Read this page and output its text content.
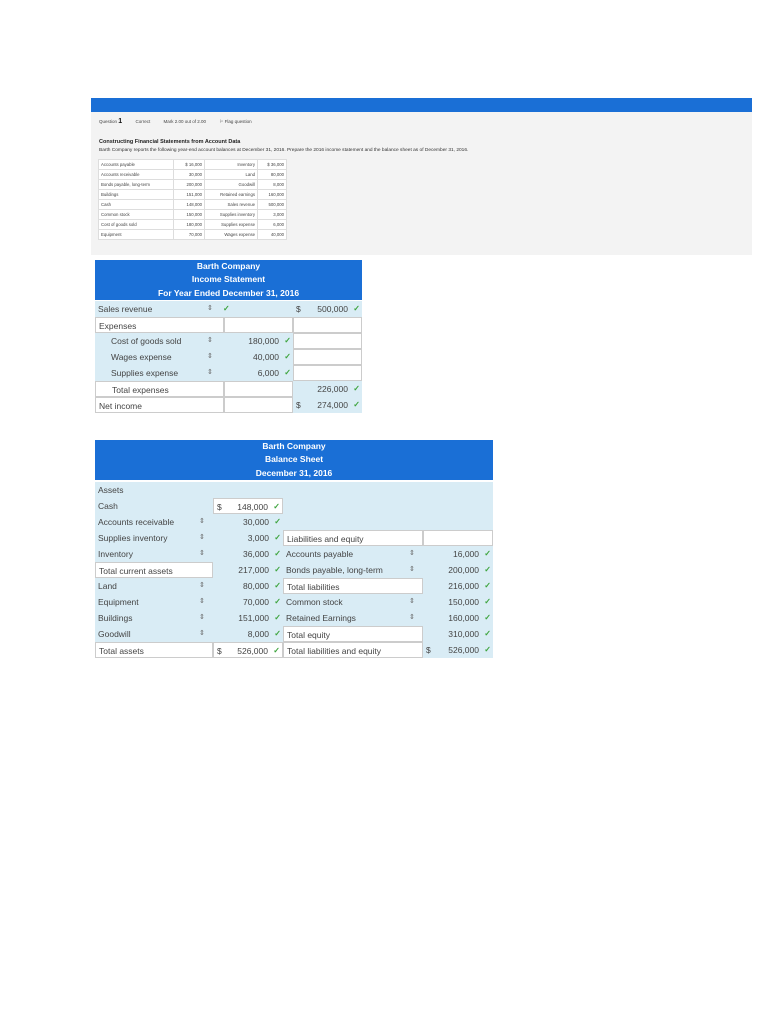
Question 1	Correct	Mark 2.00 out of 2.00	⚐ Flag question
Constructing Financial Statements from Account Data
Barth Company reports the following year-end account balances at December 31, 2016. Prepare the 2016 income statement and the balance sheet as of December 31, 2016.
Accounts payable	$ 16,000	Inventory	$ 36,000
Accounts receivable	30,000	Land	80,000
Bonds payable, long-term	200,000	Goodwill	8,000
Buildings	151,000	Retained earnings	160,000
Cash	148,000	Sales revenue	500,000
Common stock	150,000	Supplies inventory	3,000
Cost of goods sold	180,000	Supplies expense	6,000
Equipment	70,000	Wages expense	40,000
Barth Company
Income Statement
For Year Ended December 31, 2016
Sales revenue	⇕ ✓	$ 500,000 ✓
Expenses
Cost of goods sold	⇕	180,000 ✓
Wages expense	⇕	40,000 ✓
Supplies expense	⇕	6,000 ✓
Total expenses	226,000 ✓
Net income	$ 274,000 ✓
Barth Company
Balance Sheet
December 31, 2016
Assets
Cash	$ 148,000 ✓
Accounts receivable	⇕	30,000 ✓
Supplies inventory	⇕	3,000 ✓ Liabilities and equity
Inventory	⇕	36,000 ✓ Accounts payable	⇕	16,000 ✓
Total current assets	217,000 ✓ Bonds payable, long-term	⇕	200,000 ✓
Land	⇕	80,000 ✓ Total liabilities	216,000 ✓
Equipment	⇕	70,000 ✓ Common stock	⇕	150,000 ✓
Buildings	⇕	151,000 ✓ Retained Earnings	⇕	160,000 ✓
Goodwill	⇕	8,000 ✓ Total equity	310,000 ✓
Total assets	$ 526,000 ✓ Total liabilities and equity	$ 526,000 ✓
